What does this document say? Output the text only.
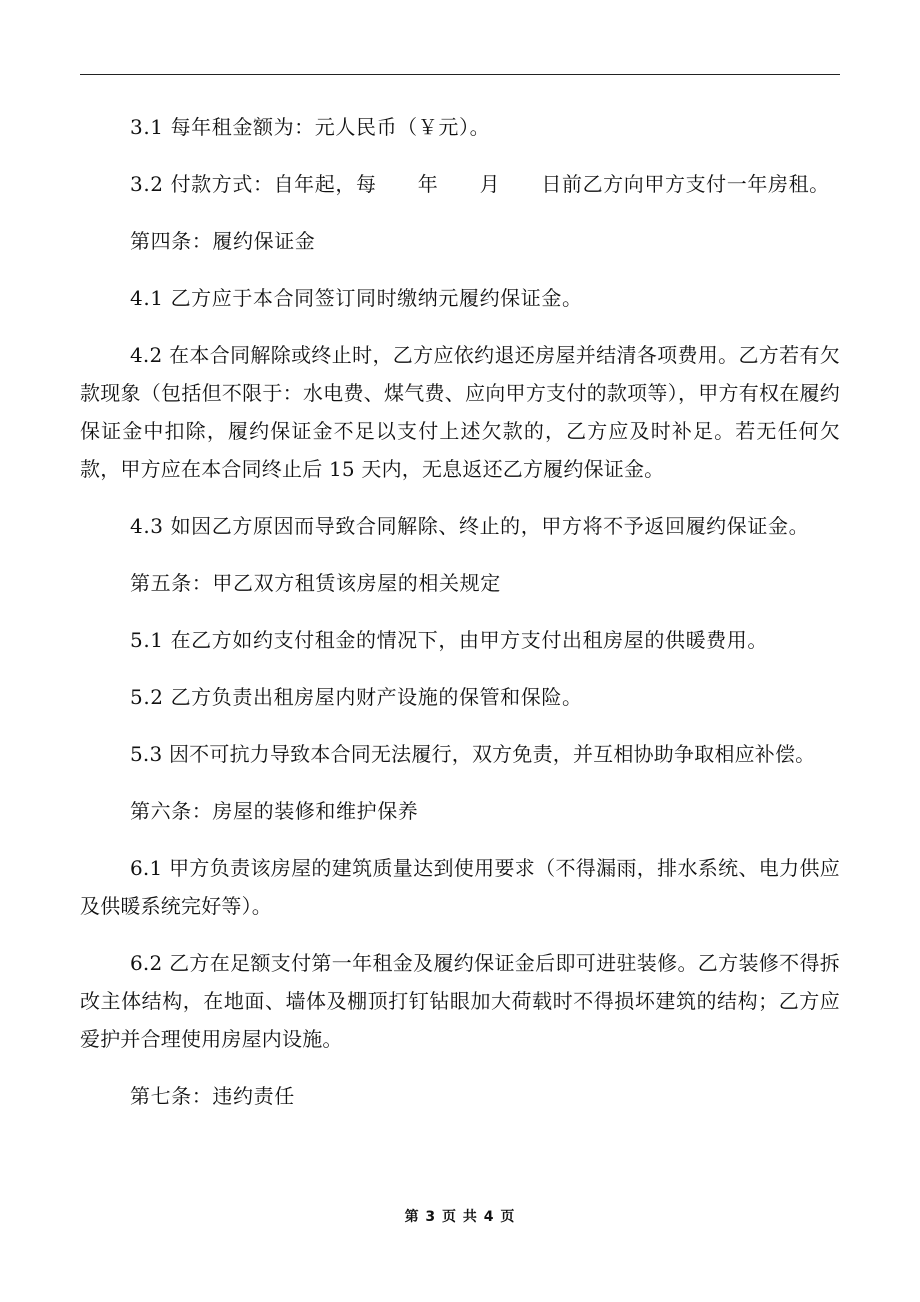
3.1 每年租金额为：元人民币（￥元）。

3.2 付款方式：自年起，每　　年　　月　　日前乙方向甲方支付一年房租。

第四条：履约保证金

4.1 乙方应于本合同签订同时缴纳元履约保证金。

4.2 在本合同解除或终止时，乙方应依约退还房屋并结清各项费用。乙方若有欠款现象（包括但不限于：水电费、煤气费、应向甲方支付的款项等），甲方有权在履约保证金中扣除，履约保证金不足以支付上述欠款的，乙方应及时补足。若无任何欠款，甲方应在本合同终止后 15 天内，无息返还乙方履约保证金。

4.3 如因乙方原因而导致合同解除、终止的，甲方将不予返回履约保证金。

第五条：甲乙双方租赁该房屋的相关规定

5.1 在乙方如约支付租金的情况下，由甲方支付出租房屋的供暖费用。

5.2 乙方负责出租房屋内财产设施的保管和保险。

5.3 因不可抗力导致本合同无法履行，双方免责，并互相协助争取相应补偿。

第六条：房屋的装修和维护保养

6.1 甲方负责该房屋的建筑质量达到使用要求（不得漏雨，排水系统、电力供应及供暖系统完好等）。

6.2 乙方在足额支付第一年租金及履约保证金后即可进驻装修。乙方装修不得拆改主体结构，在地面、墙体及棚顶打钉钻眼加大荷载时不得损坏建筑的结构；乙方应爱护并合理使用房屋内设施。

第七条：违约责任

第 3 页 共 4 页
